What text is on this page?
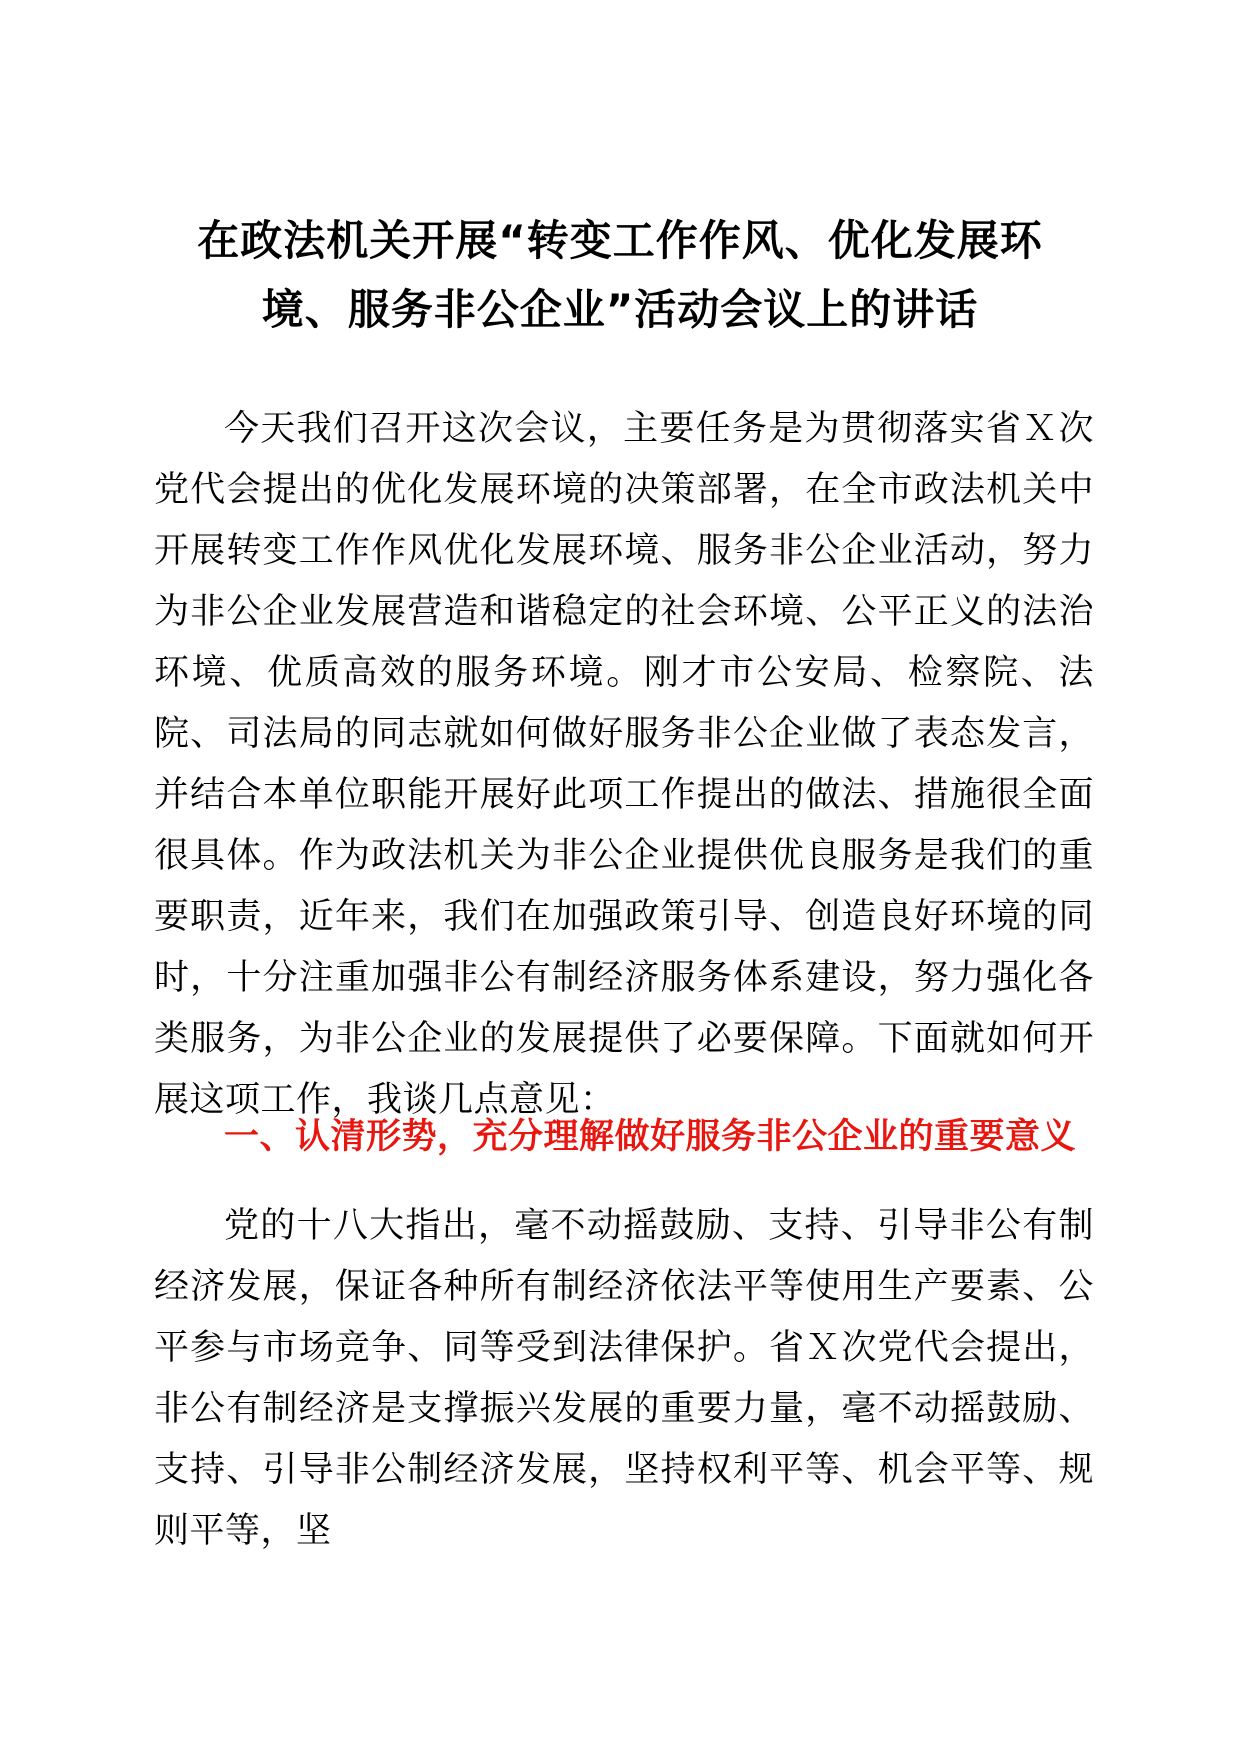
在政法机关开展“转变工作作风、优化发展环
境、服务非公企业”活动会议上的讲话

今天我们召开这次会议，主要任务是为贯彻落实省Ｘ次党代会提出的优化发展环境的决策部署，在全市政法机关中开展转变工作作风优化发展环境、服务非公企业活动，努力为非公企业发展营造和谐稳定的社会环境、公平正义的法治环境、优质高效的服务环境。刚才市公安局、检察院、法院、司法局的同志就如何做好服务非公企业做了表态发言，并结合本单位职能开展好此项工作提出的做法、措施很全面很具体。作为政法机关为非公企业提供优良服务是我们的重要职责，近年来，我们在加强政策引导、创造良好环境的同时，十分注重加强非公有制经济服务体系建设，努力强化各类服务，为非公企业的发展提供了必要保障。下面就如何开展这项工作，我谈几点意见：

一、认清形势，充分理解做好服务非公企业的重要意义

党的十八大指出，毫不动摇鼓励、支持、引导非公有制经济发展，保证各种所有制经济依法平等使用生产要素、公平参与市场竞争、同等受到法律保护。省Ｘ次党代会提出，非公有制经济是支撑振兴发展的重要力量，毫不动摇鼓励、支持、引导非公制经济发展，坚持权利平等、机会平等、规则平等，坚
